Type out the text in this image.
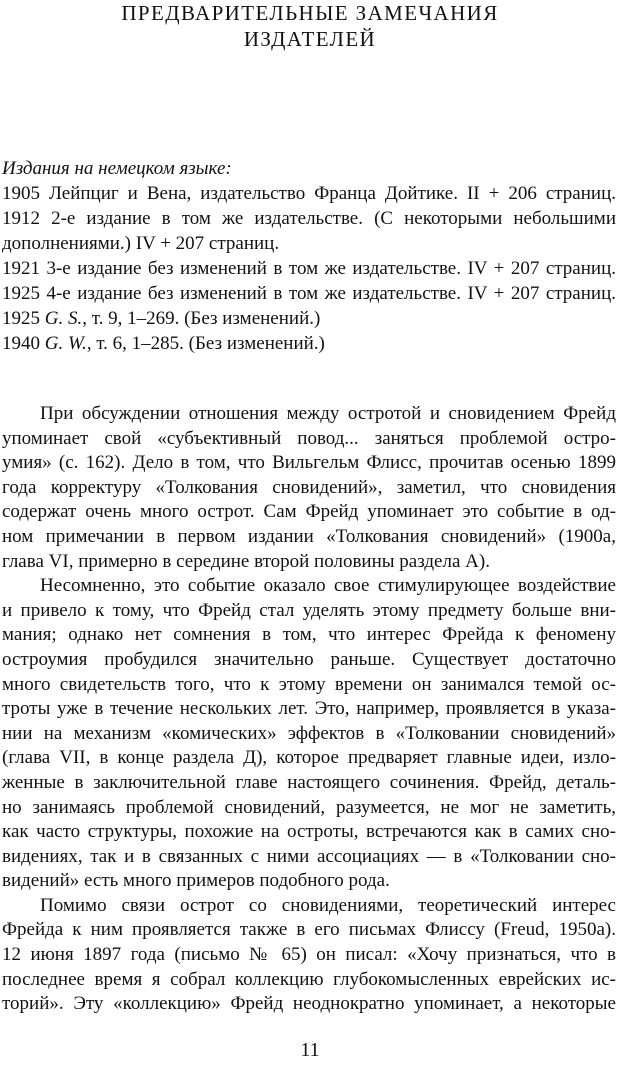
ПРЕДВАРИТЕЛЬНЫЕ ЗАМЕЧАНИЯ
ИЗДАТЕЛЕЙ
Издания на немецком языке:
1905 Лейпциг и Вена, издательство Франца Дойтике. II + 206 страниц.
1912 2-е издание в том же издательстве. (С некоторыми небольшими
дополнениями.) IV + 207 страниц.
1921 3-е издание без изменений в том же издательстве. IV + 207 страниц.
1925 4-е издание без изменений в том же издательстве. IV + 207 страниц.
1925 G. S., т. 9, 1–269. (Без изменений.)
1940 G. W., т. 6, 1–285. (Без изменений.)
При обсуждении отношения между остротой и сновидением Фрейд
упоминает свой «субъективный повод... заняться проблемой остро-
умия» (с. 162). Дело в том, что Вильгельм Флисс, прочитав осенью 1899
года корректуру «Толкования сновидений», заметил, что сновидения
содержат очень много острот. Сам Фрейд упоминает это событие в од-
ном примечании в первом издании «Толкования сновидений» (1900а,
глава VI, примерно в середине второй половины раздела А).
Несомненно, это событие оказало свое стимулирующее воздействие
и привело к тому, что Фрейд стал уделять этому предмету больше вни-
мания; однако нет сомнения в том, что интерес Фрейда к феномену
остроумия пробудился значительно раньше. Существует достаточно
много свидетельств того, что к этому времени он занимался темой ос-
троты уже в течение нескольких лет. Это, например, проявляется в указа-
нии на механизм «комических» эффектов в «Толковании сновидений»
(глава VII, в конце раздела Д), которое предваряет главные идеи, изло-
женные в заключительной главе настоящего сочинения. Фрейд, деталь-
но занимаясь проблемой сновидений, разумеется, не мог не заметить,
как часто структуры, похожие на остроты, встречаются как в самих сно-
видениях, так и в связанных с ними ассоциациях — в «Толковании сно-
видений» есть много примеров подобного рода.
Помимо связи острот со сновидениями, теоретический интерес
Фрейда к ним проявляется также в его письмах Флиссу (Freud, 1950а).
12 июня 1897 года (письмо № 65) он писал: «Хочу признаться, что в
последнее время я собрал коллекцию глубокомысленных еврейских ис-
торий». Эту «коллекцию» Фрейд неоднократно упоминает, а некоторые
11
